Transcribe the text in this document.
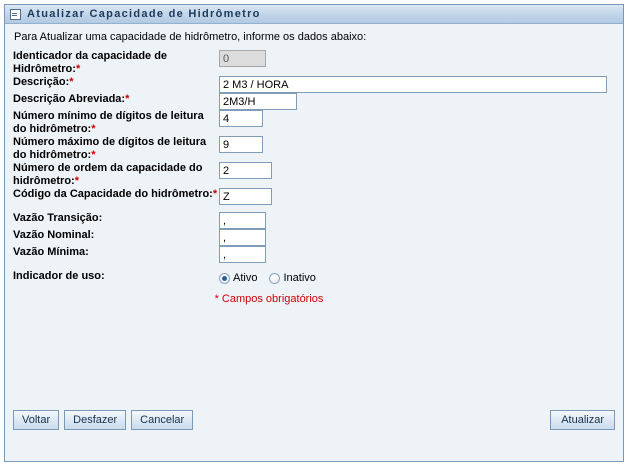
Atualizar Capacidade de Hidrômetro

Para Atualizar uma capacidade de hidrômetro, informe os dados abaixo:

Identicador da capacidade de Hidrômetro:*	0
Descrição:*	2 M3 / HORA
Descrição Abreviada:*	2M3/H
Número mínimo de dígitos de leitura do hidrômetro:*	4
Número máximo de dígitos de leitura do hidrômetro:*	9
Número de ordem da capacidade do hidrômetro:*	2
Código da Capacidade do hidrômetro:*	Z

Vazão Transição:	,
Vazão Nominal:	,
Vazão Mínima:	,

Indicador de uso:	Ativo Inativo
* Campos obrigatórios
Voltar	Desfazer	Cancelar	Atualizar
